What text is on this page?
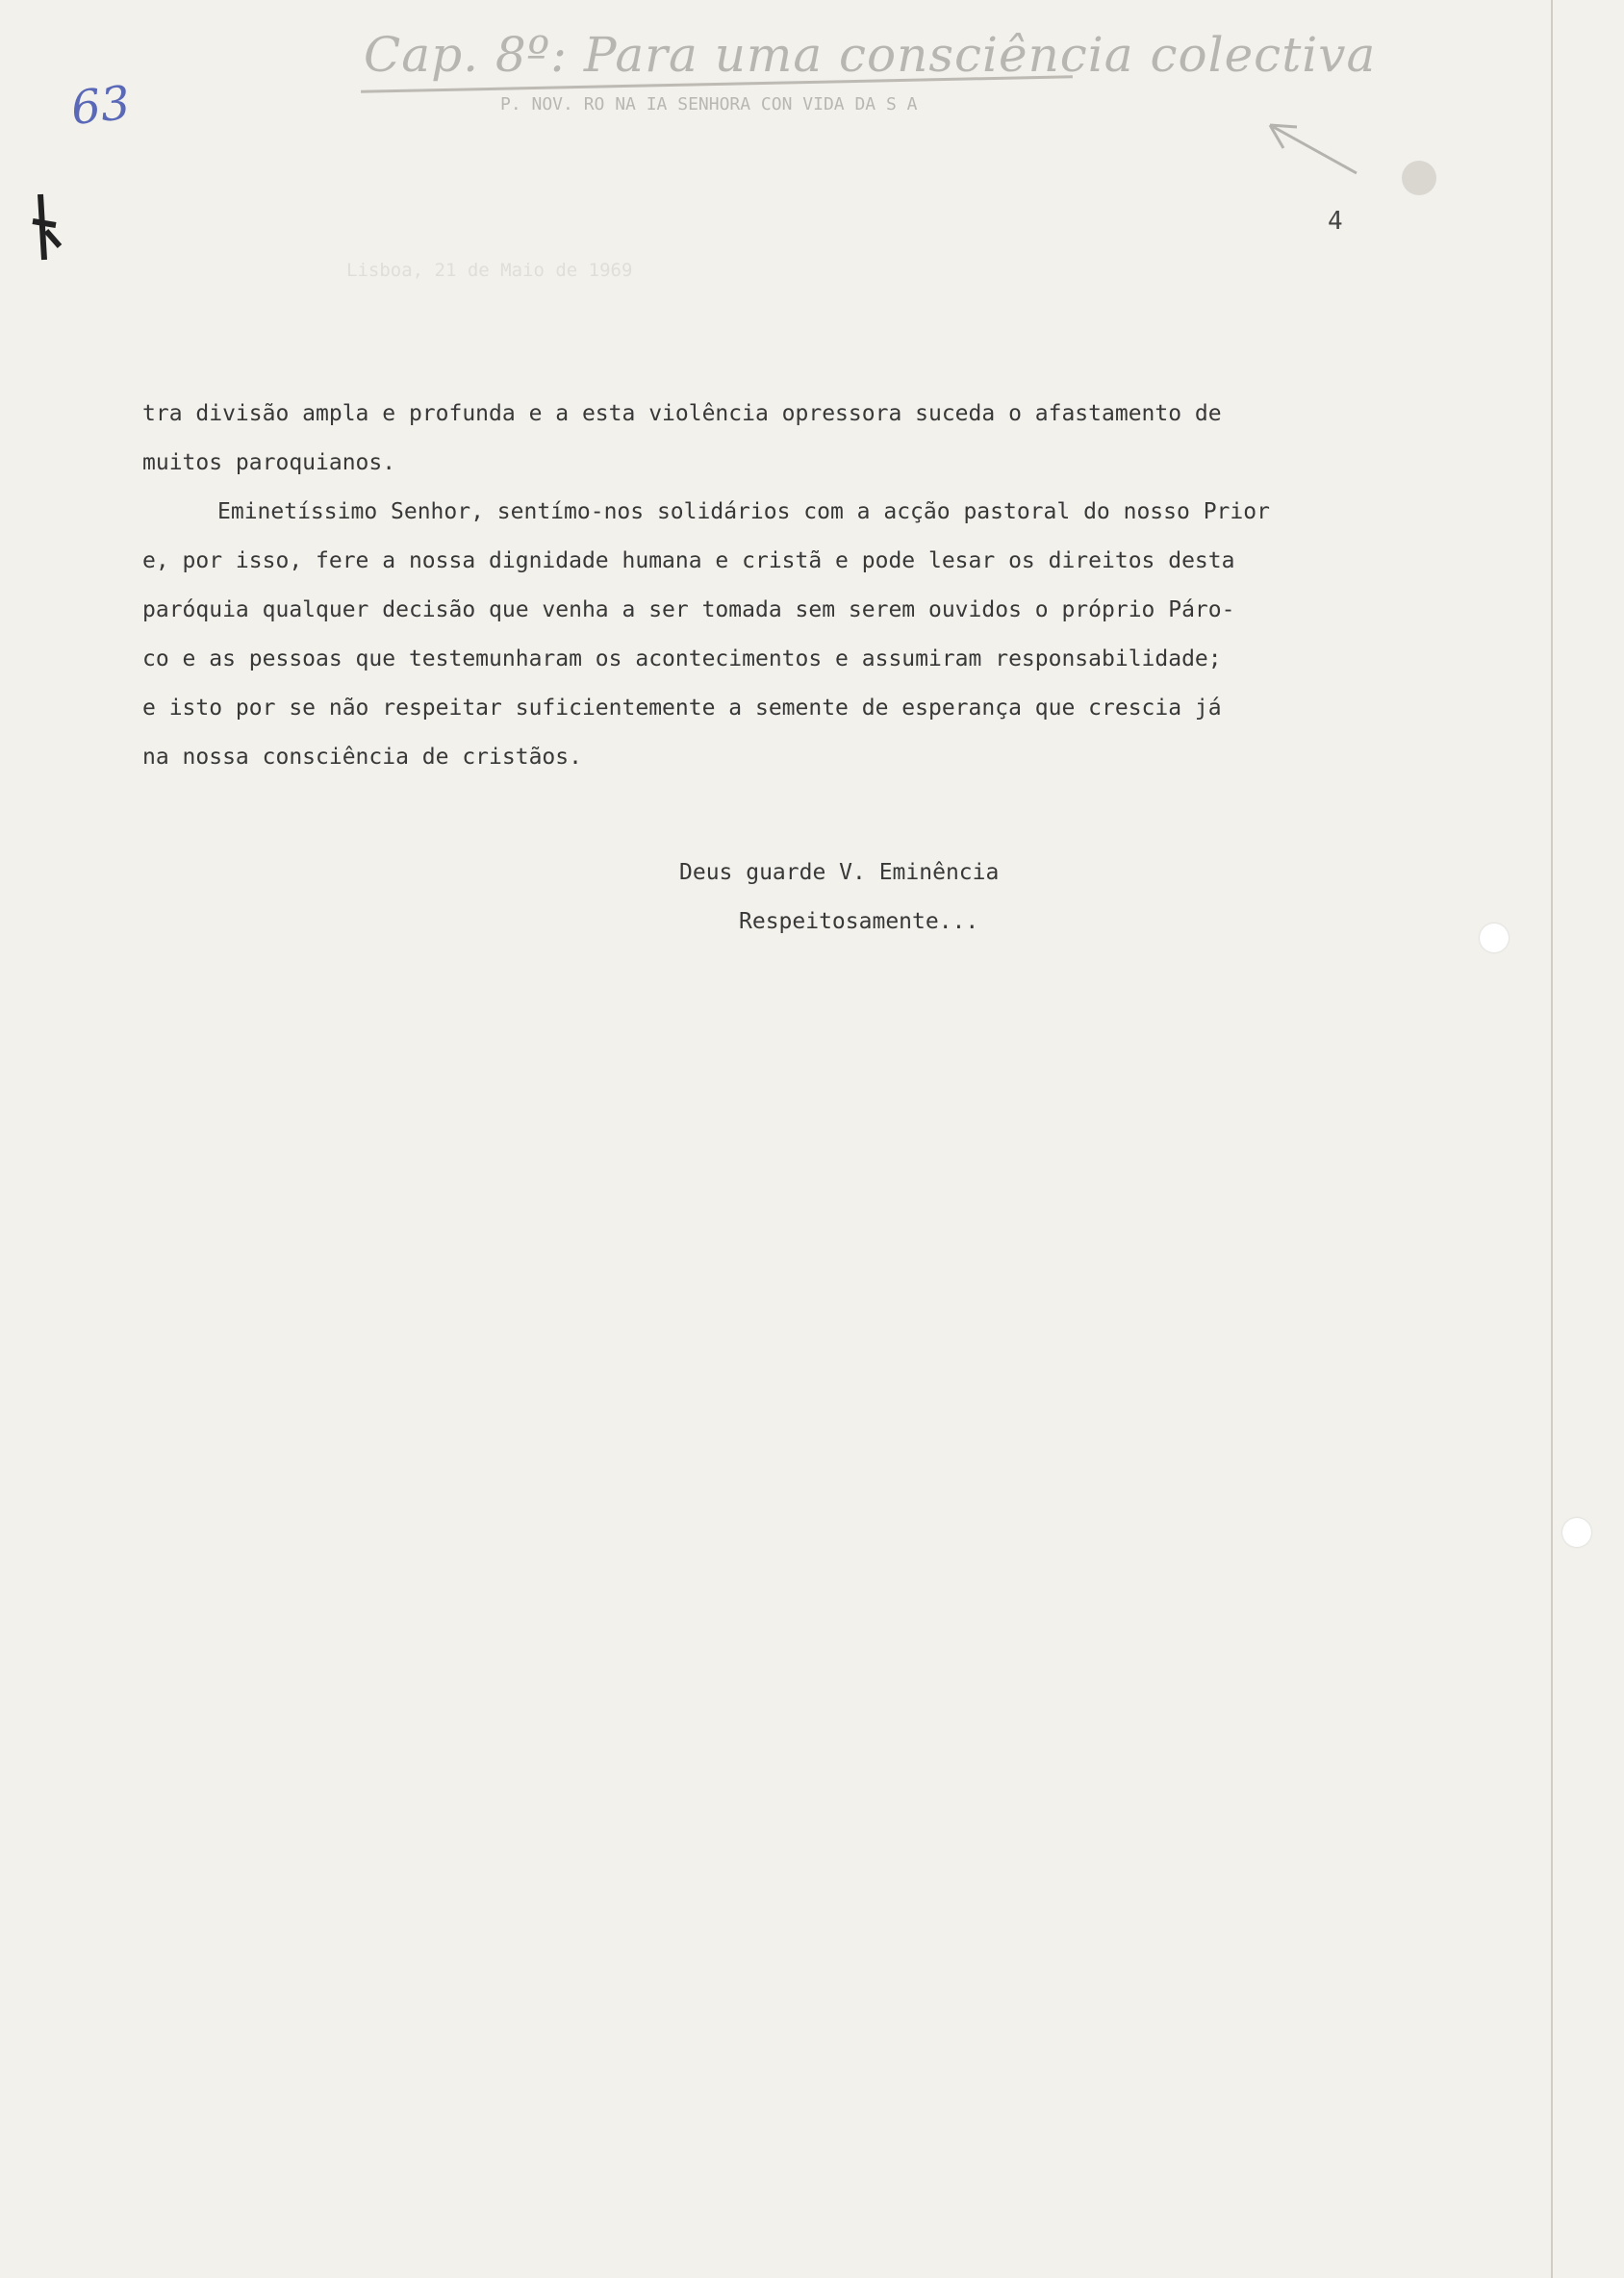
Cap. 8º: Para uma consciência colectiva
P. NOV. RO NA IA SENHORA CON VIDA DA S A
63
4
Lisboa, 21 de Maio de 1969

tra divisão ampla e profunda e a esta violência opressora suceda o afastamento de
muitos paroquianos.

Eminetíssimo Senhor, sentímo-nos solidários com a acção pastoral do nosso Prior
e, por isso, fere a nossa dignidade humana e cristã e pode lesar os direitos desta
paróquia qualquer decisão que venha a ser tomada sem serem ouvidos o próprio Páro-
co e as pessoas que testemunharam os acontecimentos e assumiram responsabilidade;
e isto por se não respeitar suficientemente a semente de esperança que crescia já
na nossa consciência de cristãos.

Deus guarde V. Eminência
Respeitosamente...
